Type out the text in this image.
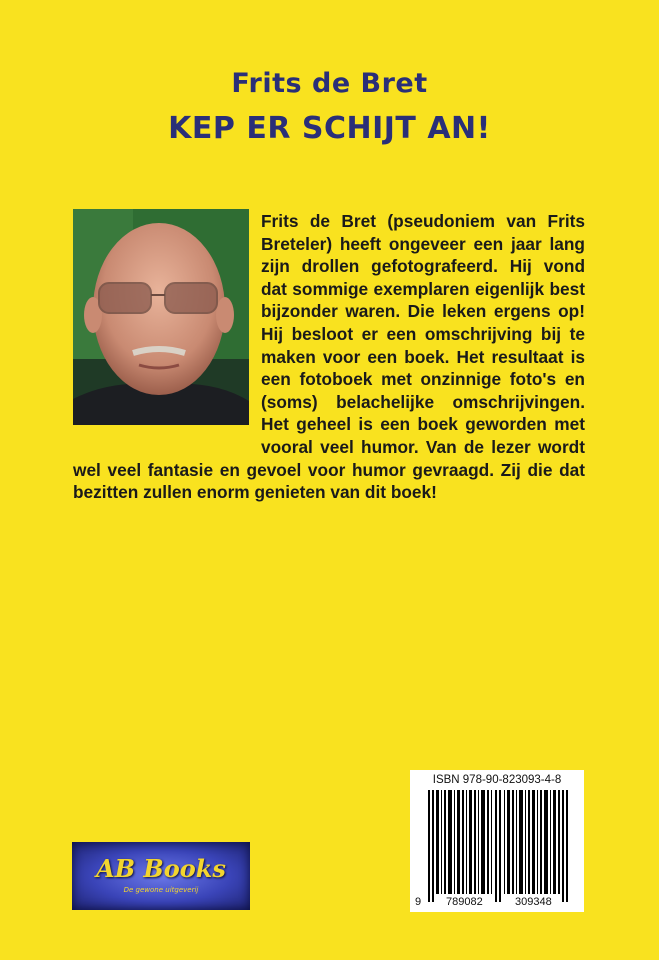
Frits de Bret
KEP ER SCHIJT AN!

Frits de Bret (pseudoniem van Frits Breteler) heeft ongeveer een jaar lang zijn drollen gefotografeerd. Hij vond dat sommige exemplaren eigenlijk best bijzonder waren. Die leken ergens op! Hij besloot er een omschrijving bij te maken voor een boek. Het resultaat is een fotoboek met onzinnige foto's en (soms) belachelijke omschrijvingen. Het geheel is een boek geworden met vooral veel humor. Van de lezer wordt wel veel fantasie en gevoel voor humor gevraagd. Zij die dat bezitten zullen enorm genieten van dit boek!

ISBN 978-90-823093-4-8
9 789082	309348
AB Books
De gewone uitgeverij
